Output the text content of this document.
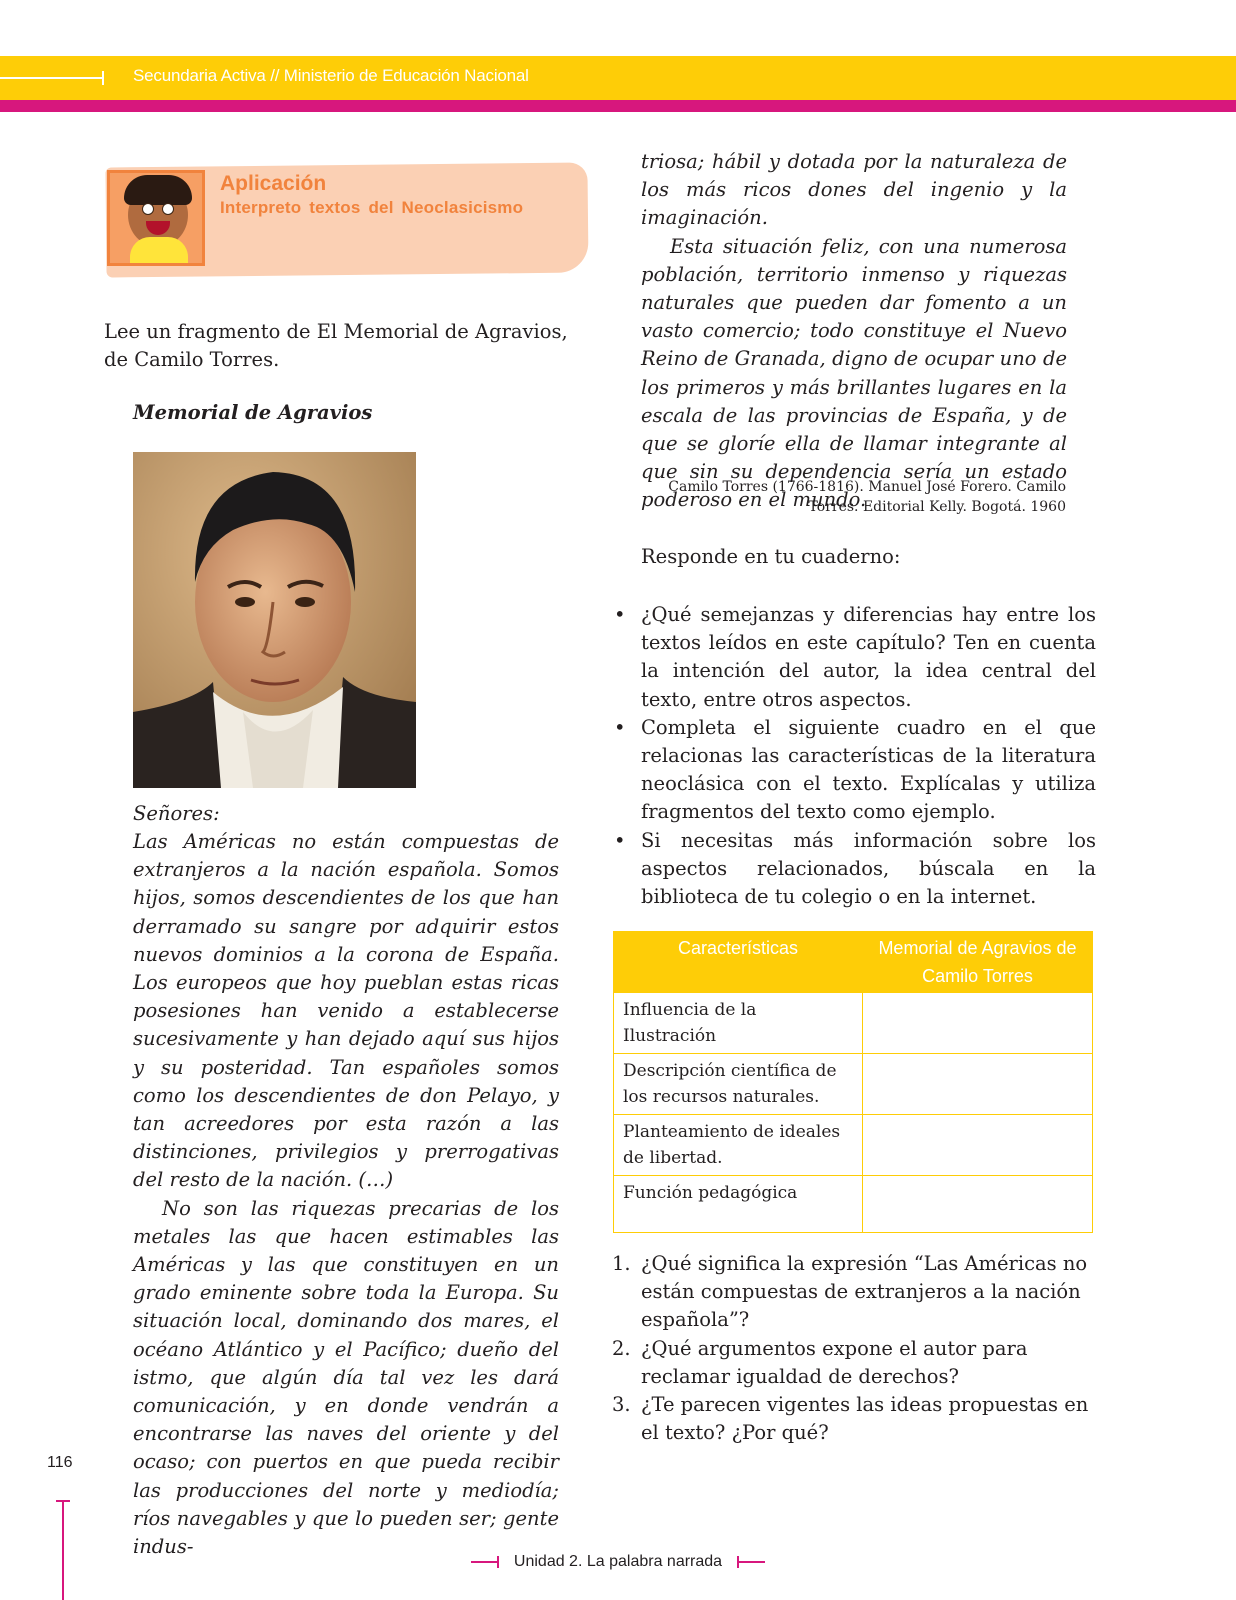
Secundaria Activa // Ministerio de Educación Nacional
Aplicación
Interpreto textos del Neoclasicismo
Lee un fragmento de El Memorial de Agravios, de Camilo Torres.
Memorial de Agravios
Señores:

Las Américas no están compuestas de extranjeros a la nación española. Somos hijos, somos descendientes de los que han derramado su sangre por adquirir estos nuevos dominios a la corona de España. Los europeos que hoy pueblan estas ricas posesiones han venido a establecerse sucesivamente y han dejado aquí sus hijos y su posteridad. Tan españoles somos como los descendientes de don Pelayo, y tan acreedores por esta razón a las distinciones, privilegios y prerrogativas del resto de la nación. (…)

No son las riquezas precarias de los metales las que hacen estimables las Américas y las que constituyen en un grado eminente sobre toda la Europa. Su situación local, dominando dos mares, el océano Atlántico y el Pacífico; dueño del istmo, que algún día tal vez les dará comunicación, y en donde vendrán a encontrarse las naves del oriente y del ocaso; con puertos en que pueda recibir las producciones del norte y mediodía; ríos navegables y que lo pueden ser; gente indus-

triosa; hábil y dotada por la naturaleza de los más ricos dones del ingenio y la imaginación.

Esta situación feliz, con una numerosa población, territorio inmenso y riquezas naturales que pueden dar fomento a un vasto comercio; todo constituye el Nuevo Reino de Granada, digno de ocupar uno de los primeros y más brillantes lugares en la escala de las provincias de España, y de que se gloríe ella de llamar integrante al que sin su dependencia sería un estado poderoso en el mundo.

Camilo Torres (1766-1816). Manuel José Forero. Camilo
Torres. Editorial Kelly. Bogotá. 1960
Responde en tu cuaderno:
• ¿Qué semejanzas y diferencias hay entre los textos leídos en este capítulo? Ten en cuenta la intención del autor, la idea central del texto, entre otros aspectos.
• Completa el siguiente cuadro en el que relacionas las características de la literatura neoclásica con el texto. Explícalas y utiliza fragmentos del texto como ejemplo.
• Si necesitas más información sobre los aspectos relacionados, búscala en la biblioteca de tu colegio o en la internet.
Características	Memorial de Agravios de Camilo Torres
Influencia de la Ilustración	
Descripción científica de los recursos naturales.	
Planteamiento de ideales de libertad.	
Función pedagógica	
1. ¿Qué significa la expresión “Las Américas no están compuestas de extranjeros a la nación española”?
2. ¿Qué argumentos expone el autor para reclamar igualdad de derechos?
3. ¿Te parecen vigentes las ideas propuestas en el texto? ¿Por qué?
116
Unidad 2. La palabra narrada
